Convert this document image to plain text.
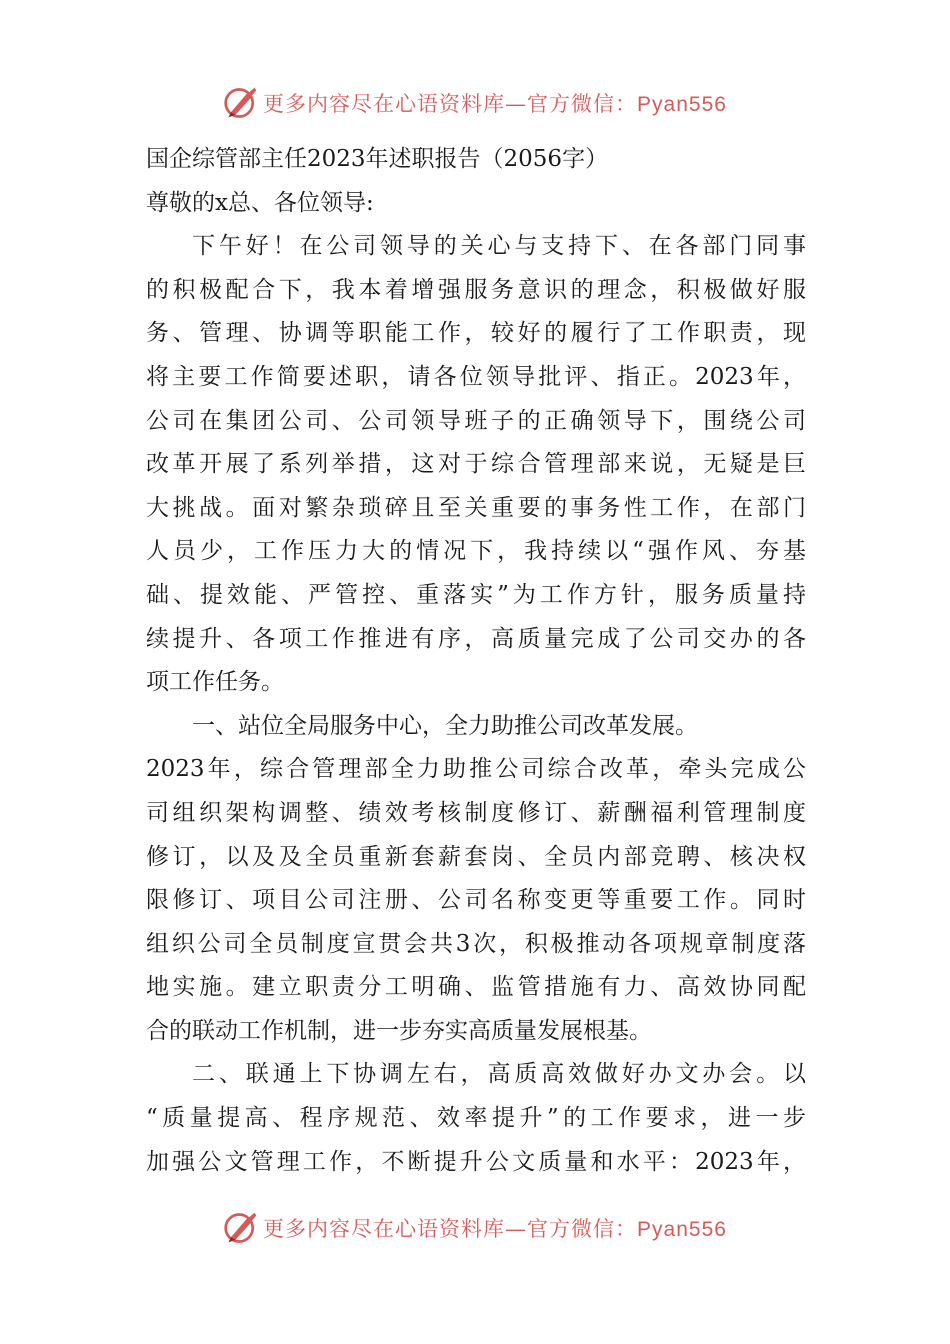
更多内容尽在心语资料库—官方微信：Pyan556
国企综管部主任2023年述职报告（2056字）
尊敬的x总、各位领导:
下午好！在公司领导的关心与支持下、在各部门同事
的积极配合下，我本着增强服务意识的理念，积极做好服
务、管理、协调等职能工作，较好的履行了工作职责，现
将主要工作简要述职，请各位领导批评、指正。2023年，
公司在集团公司、公司领导班子的正确领导下，围绕公司
改革开展了系列举措，这对于综合管理部来说，无疑是巨
大挑战。面对繁杂琐碎且至关重要的事务性工作，在部门
人员少，工作压力大的情况下，我持续以“强作风、夯基
础、提效能、严管控、重落实”为工作方针，服务质量持
续提升、各项工作推进有序，高质量完成了公司交办的各
项工作任务。
一、站位全局服务中心，全力助推公司改革发展。
2023年，综合管理部全力助推公司综合改革，牵头完成公
司组织架构调整、绩效考核制度修订、薪酬福利管理制度
修订，以及及全员重新套薪套岗、全员内部竞聘、核决权
限修订、项目公司注册、公司名称变更等重要工作。同时
组织公司全员制度宣贯会共3次，积极推动各项规章制度落
地实施。建立职责分工明确、监管措施有力、高效协同配
合的联动工作机制，进一步夯实高质量发展根基。
二、联通上下协调左右，高质高效做好办文办会。以
“质量提高、程序规范、效率提升”的工作要求，进一步
加强公文管理工作，不断提升公文质量和水平：2023年，
更多内容尽在心语资料库—官方微信：Pyan556
